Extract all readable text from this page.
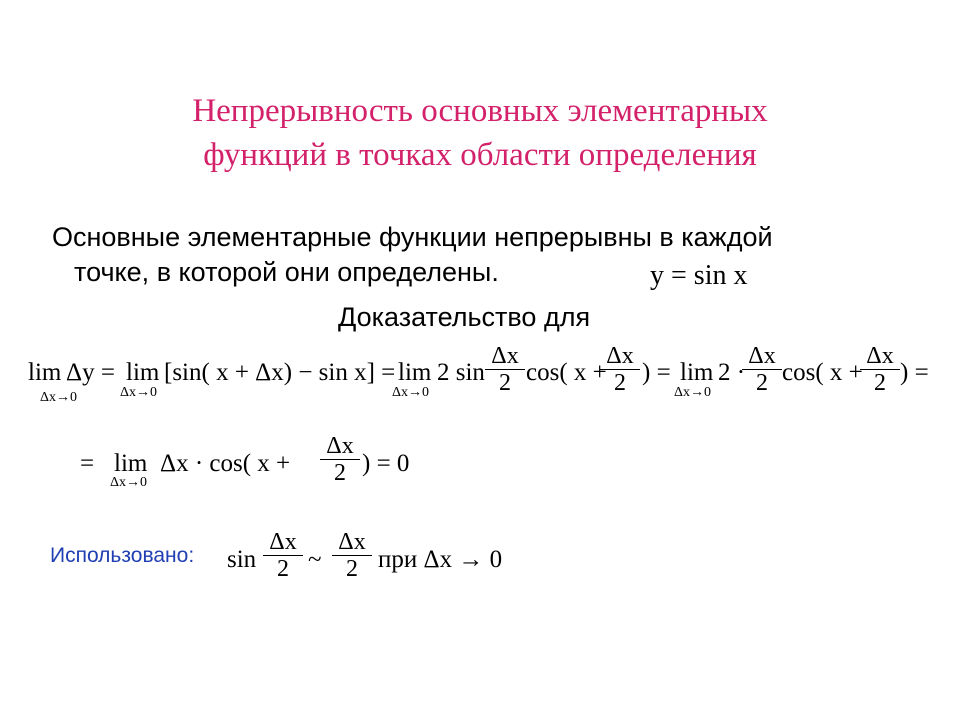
Непрерывность основных элементарных
функций в точках области определения
Основные элементарные функции непрерывны в каждой
точке, в которой они определены.	y = sin x
Доказательство для
lim
Δx→0
Δy = lim
Δx→0
[sin( x + Δx) − sin x] = lim
Δx→0
2 $\sin \frac{\Delta x}{2} \cos$( x +
$\frac{\Delta x}{2}$ ) = lim
Δx→0
2 ·
$\frac{\Delta x}{2} \cos$( x +
$\frac{\Delta x}{2}$ ) =
= lim
Δx→0
Δx · cos( $x + \frac{\Delta x}{2}$ ) = 0
Использовано: $\sin \frac{\Delta x}{2}$ ~ $\frac{\Delta x}{2}$ при Δx → 0
